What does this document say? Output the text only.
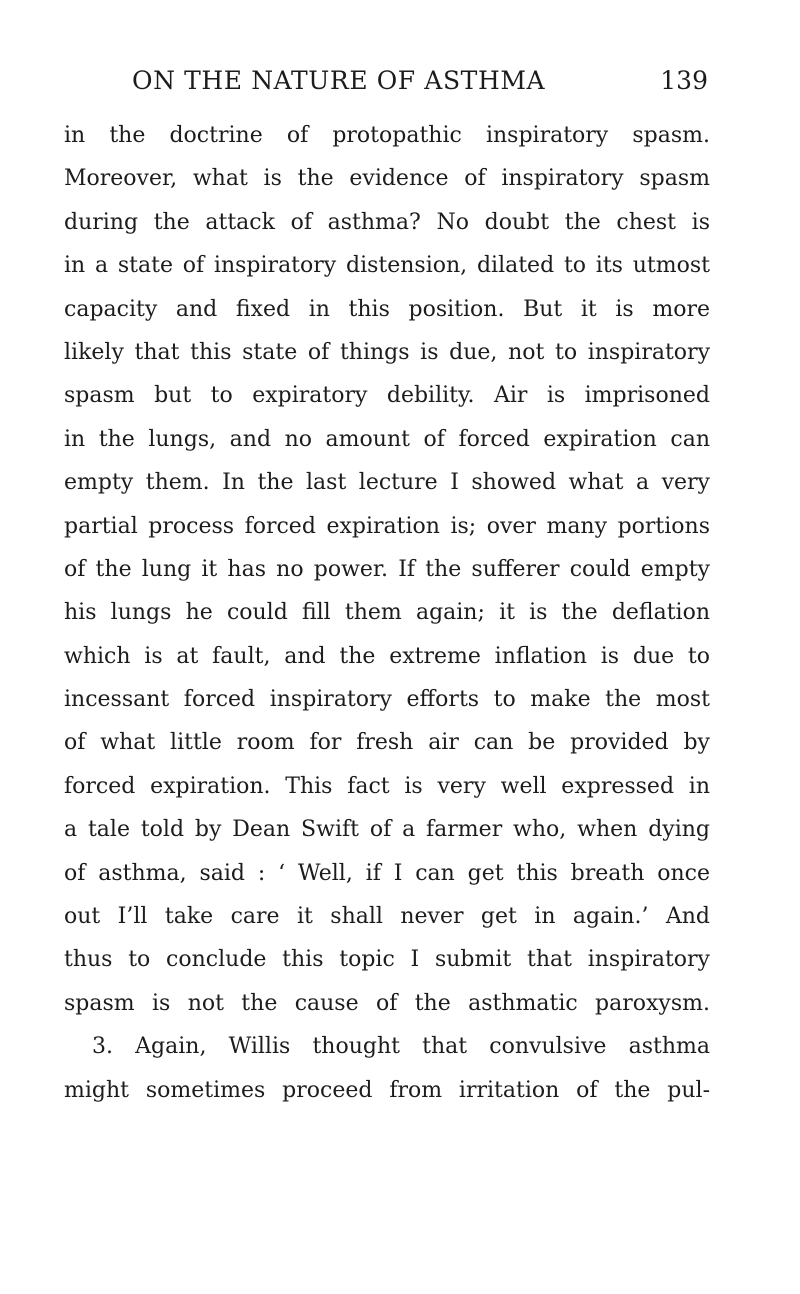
ON THE NATURE OF ASTHMA	139
in the doctrine of protopathic inspiratory spasm.
Moreover, what is the evidence of inspiratory spasm
during the attack of asthma? No doubt the chest is
in a state of inspiratory distension, dilated to its utmost
capacity and fixed in this position. But it is more
likely that this state of things is due, not to inspiratory
spasm but to expiratory debility. Air is imprisoned
in the lungs, and no amount of forced expiration can
empty them. In the last lecture I showed what a very
partial process forced expiration is; over many portions
of the lung it has no power. If the sufferer could empty
his lungs he could fill them again; it is the deflation
which is at fault, and the extreme inflation is due to
incessant forced inspiratory efforts to make the most
of what little room for fresh air can be provided by
forced expiration. This fact is very well expressed in
a tale told by Dean Swift of a farmer who, when dying
of asthma, said : ‘ Well, if I can get this breath once
out I’ll take care it shall never get in again.’ And
thus to conclude this topic I submit that inspiratory
spasm is not the cause of the asthmatic paroxysm.
3. Again, Willis thought that convulsive asthma
might sometimes proceed from irritation of the pul-
